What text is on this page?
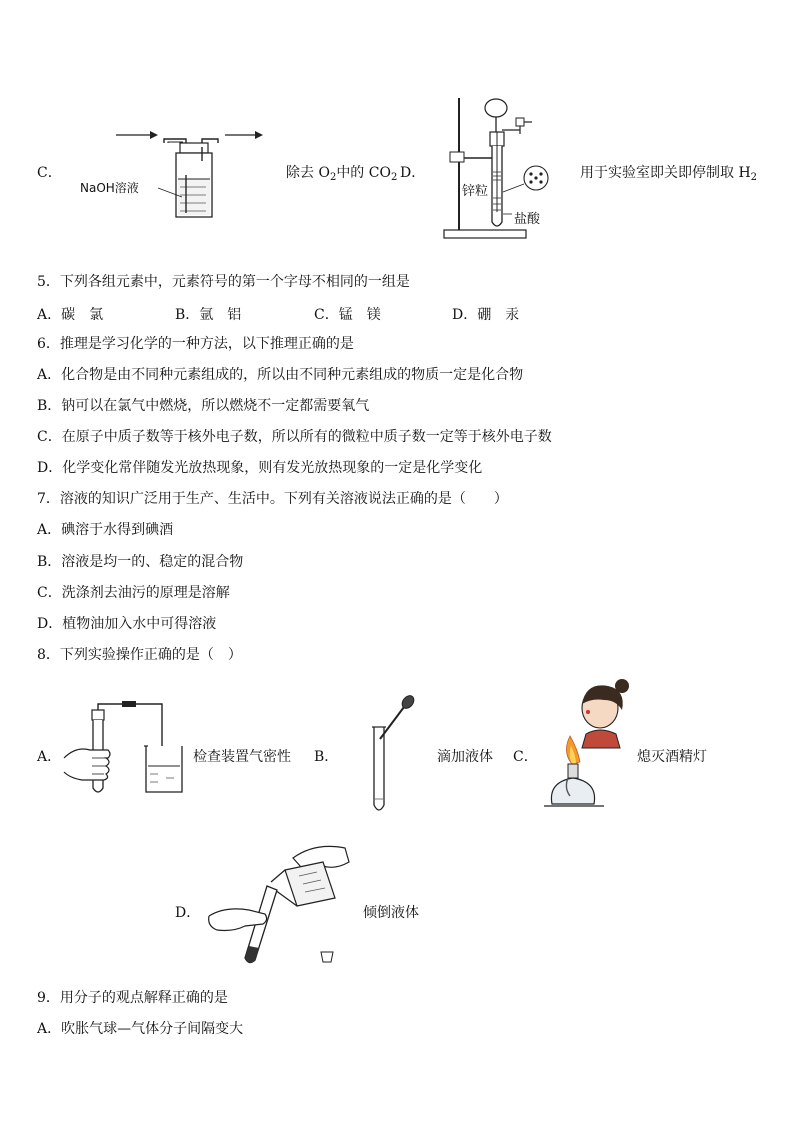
C．
NaOH溶液
除去 $O_2$中的 $CO_2$ D．
锌粒
盐酸
用于实验室即关即停制取 $H_2$
5．下列各组元素中，元素符号的第一个字母不相同的一组是
A．碳　氯	B．氩　铝	C．锰　镁	D．硼　汞
6．推理是学习化学的一种方法，以下推理正确的是
A．化合物是由不同种元素组成的，所以由不同种元素组成的物质一定是化合物
B．钠可以在氯气中燃烧，所以燃烧不一定都需要氧气
C．在原子中质子数等于核外电子数，所以所有的微粒中质子数一定等于核外电子数
D．化学变化常伴随发光放热现象，则有发光放热现象的一定是化学变化
7．溶液的知识广泛用于生产、生活中。下列有关溶液说法正确的是（　　）
A．碘溶于水得到碘酒
B．溶液是均一的、稳定的混合物
C．洗涤剂去油污的原理是溶解
D．植物油加入水中可得溶液
8．下列实验操作正确的是（　）
A．	检查装置气密性 B．	滴加液体 C．	熄灭酒精灯
D．	倾倒液体
9．用分子的观点解释正确的是
A．吹胀气球—气体分子间隔变大
